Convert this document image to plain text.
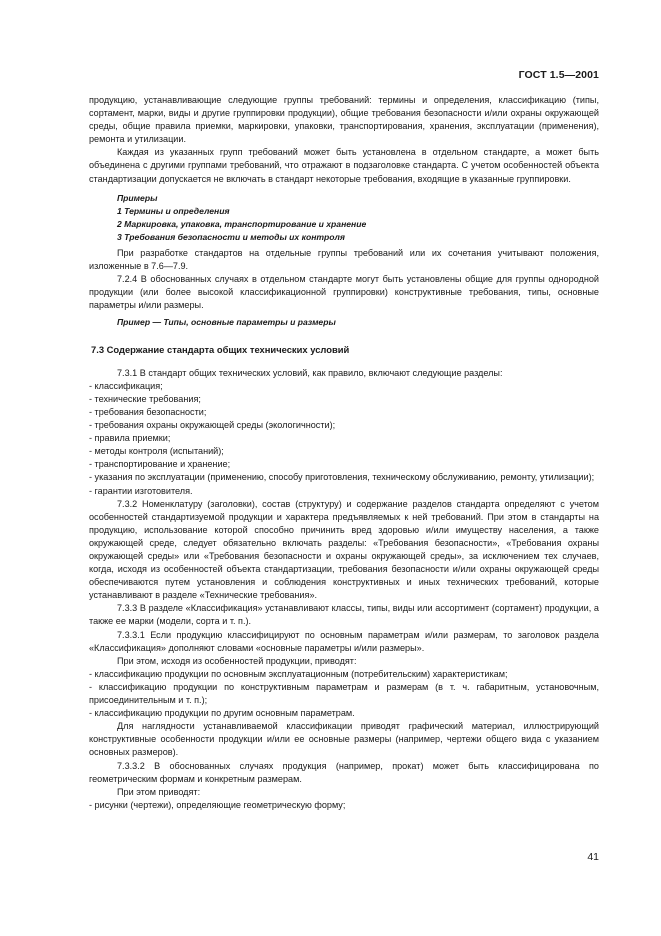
ГОСТ 1.5—2001

продукцию, устанавливающие следующие группы требований: термины и определения, классификацию (типы, сортамент, марки, виды и другие группировки продукции), общие требования безопасности и/или охраны окружающей среды, общие правила приемки, маркировки, упаковки, транспортирования, хранения, эксплуатации (применения), ремонта и утилизации.

Каждая из указанных групп требований может быть установлена в отдельном стандарте, а может быть объединена с другими группами требований, что отражают в подзаголовке стандарта. С учетом особенностей объекта стандартизации допускается не включать в стандарт некоторые требования, входящие в указанные группировки.

Примеры

1 Термины и определения

2 Маркировка, упаковка, транспортирование и хранение

3 Требования безопасности и методы их контроля

При разработке стандартов на отдельные группы требований или их сочетания учитывают положения, изложенные в 7.6—7.9.

7.2.4 В обоснованных случаях в отдельном стандарте могут быть установлены общие для группы однородной продукции (или более высокой классификационной группировки) конструктивные требования, типы, основные параметры и/или размеры.

Пример — Типы, основные параметры и размеры

7.3 Содержание стандарта общих технических условий

7.3.1 В стандарт общих технических условий, как правило, включают следующие разделы:

- классификация;

- технические требования;

- требования безопасности;

- требования охраны окружающей среды (экологичности);

- правила приемки;

- методы контроля (испытаний);

- транспортирование и хранение;

- указания по эксплуатации (применению, способу приготовления, техническому обслуживанию, ремонту, утилизации);

- гарантии изготовителя.

7.3.2 Номенклатуру (заголовки), состав (структуру) и содержание разделов стандарта определяют с учетом особенностей стандартизуемой продукции и характера предъявляемых к ней требований. При этом в стандарты на продукцию, использование которой способно причинить вред здоровью и/или имуществу населения, а также окружающей среде, следует обязательно включать разделы: «Требования безопасности», «Требования охраны окружающей среды» или «Требования безопасности и охраны окружающей среды», за исключением тех случаев, когда, исходя из особенностей объекта стандартизации, требования безопасности и/или охраны окружающей среды обеспечиваются путем установления и соблюдения конструктивных и иных технических требований, которые устанавливают в разделе «Технические требования».

7.3.3 В разделе «Классификация» устанавливают классы, типы, виды или ассортимент (сортамент) продукции, а также ее марки (модели, сорта и т. п.).

7.3.3.1 Если продукцию классифицируют по основным параметрам и/или размерам, то заголовок раздела «Классификация» дополняют словами «основные параметры и/или размеры».

При этом, исходя из особенностей продукции, приводят:

- классификацию продукции по основным эксплуатационным (потребительским) характеристикам;

- классификацию продукции по конструктивным параметрам и размерам (в т. ч. габаритным, установочным, присоединительным и т. п.);

- классификацию продукции по другим основным параметрам.

Для наглядности устанавливаемой классификации приводят графический материал, иллюстрирующий конструктивные особенности продукции и/или ее основные размеры (например, чертежи общего вида с указанием основных размеров).

7.3.3.2 В обоснованных случаях продукция (например, прокат) может быть классифицирована по геометрическим формам и конкретным размерам.

При этом приводят:

- рисунки (чертежи), определяющие геометрическую форму;

41
